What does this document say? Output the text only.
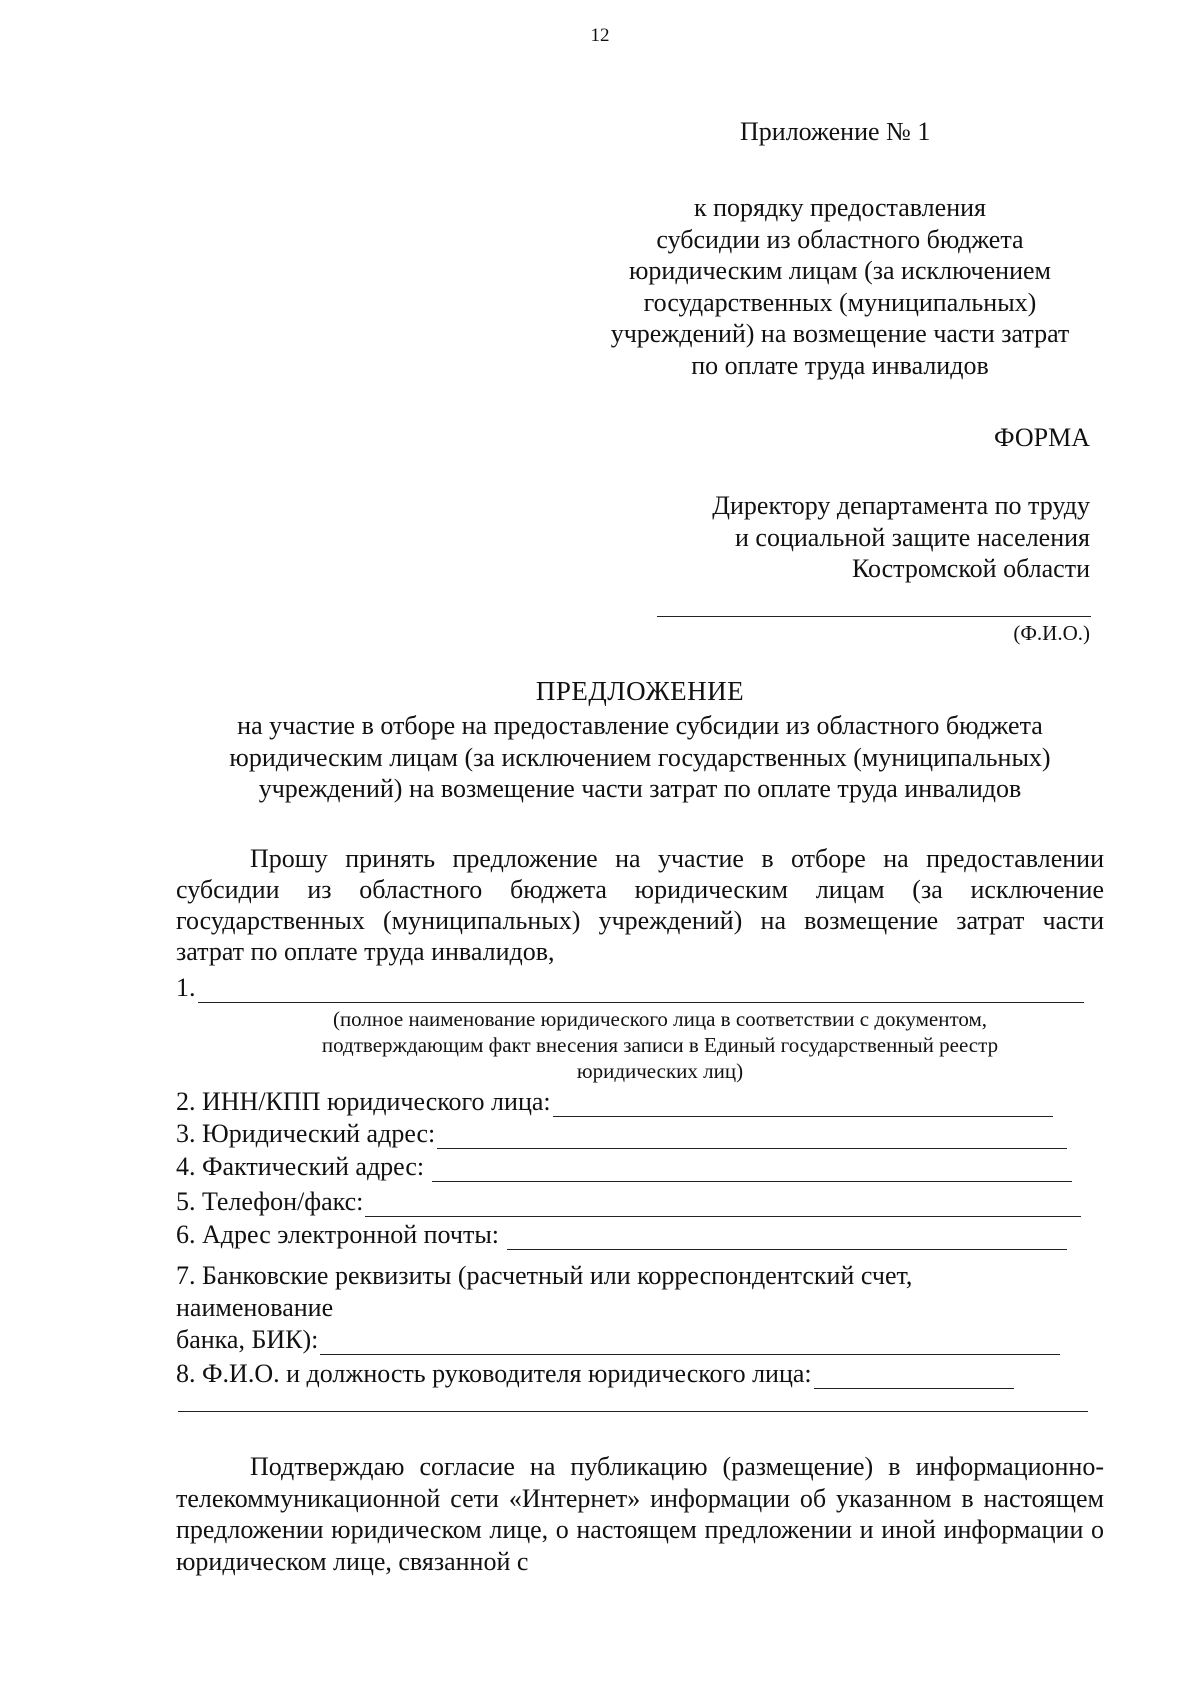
12
Приложение № 1
к порядку предоставления
субсидии из областного бюджета
юридическим лицам (за исключением
государственных (муниципальных)
учреждений) на возмещение части затрат
по оплате труда инвалидов
ФОРМА
Директору департамента по труду
и социальной защите населения
Костромской области
(Ф.И.О.)
ПРЕДЛОЖЕНИЕ
на участие в отборе на предоставление субсидии из областного бюджета
юридическим лицам (за исключением государственных (муниципальных)
учреждений) на возмещение части затрат по оплате труда инвалидов

Прошу принять предложение на участие в отборе на предоставлении субсидии из областного бюджета юридическим лицам (за исключение государственных (муниципальных) учреждений) на возмещение затрат части затрат по оплате труда инвалидов,

1.
(полное наименование юридического лица в соответствии с документом,
подтверждающим факт внесения записи в Единый государственный реестр
юридических лиц)
2. ИНН/КПП юридического лица:
3. Юридический адрес:
4. Фактический адрес:
5. Телефон/факс:
6. Адрес электронной почты:
7. Банковские реквизиты (расчетный или корреспондентский счет,
наименование
банка, БИК):
8. Ф.И.О. и должность руководителя юридического лица:

Подтверждаю согласие на публикацию (размещение) в информационно-телекоммуникационной сети «Интернет» информации об указанном в настоящем предложении юридическом лице, о настоящем предложении и иной информации о юридическом лице, связанной с
